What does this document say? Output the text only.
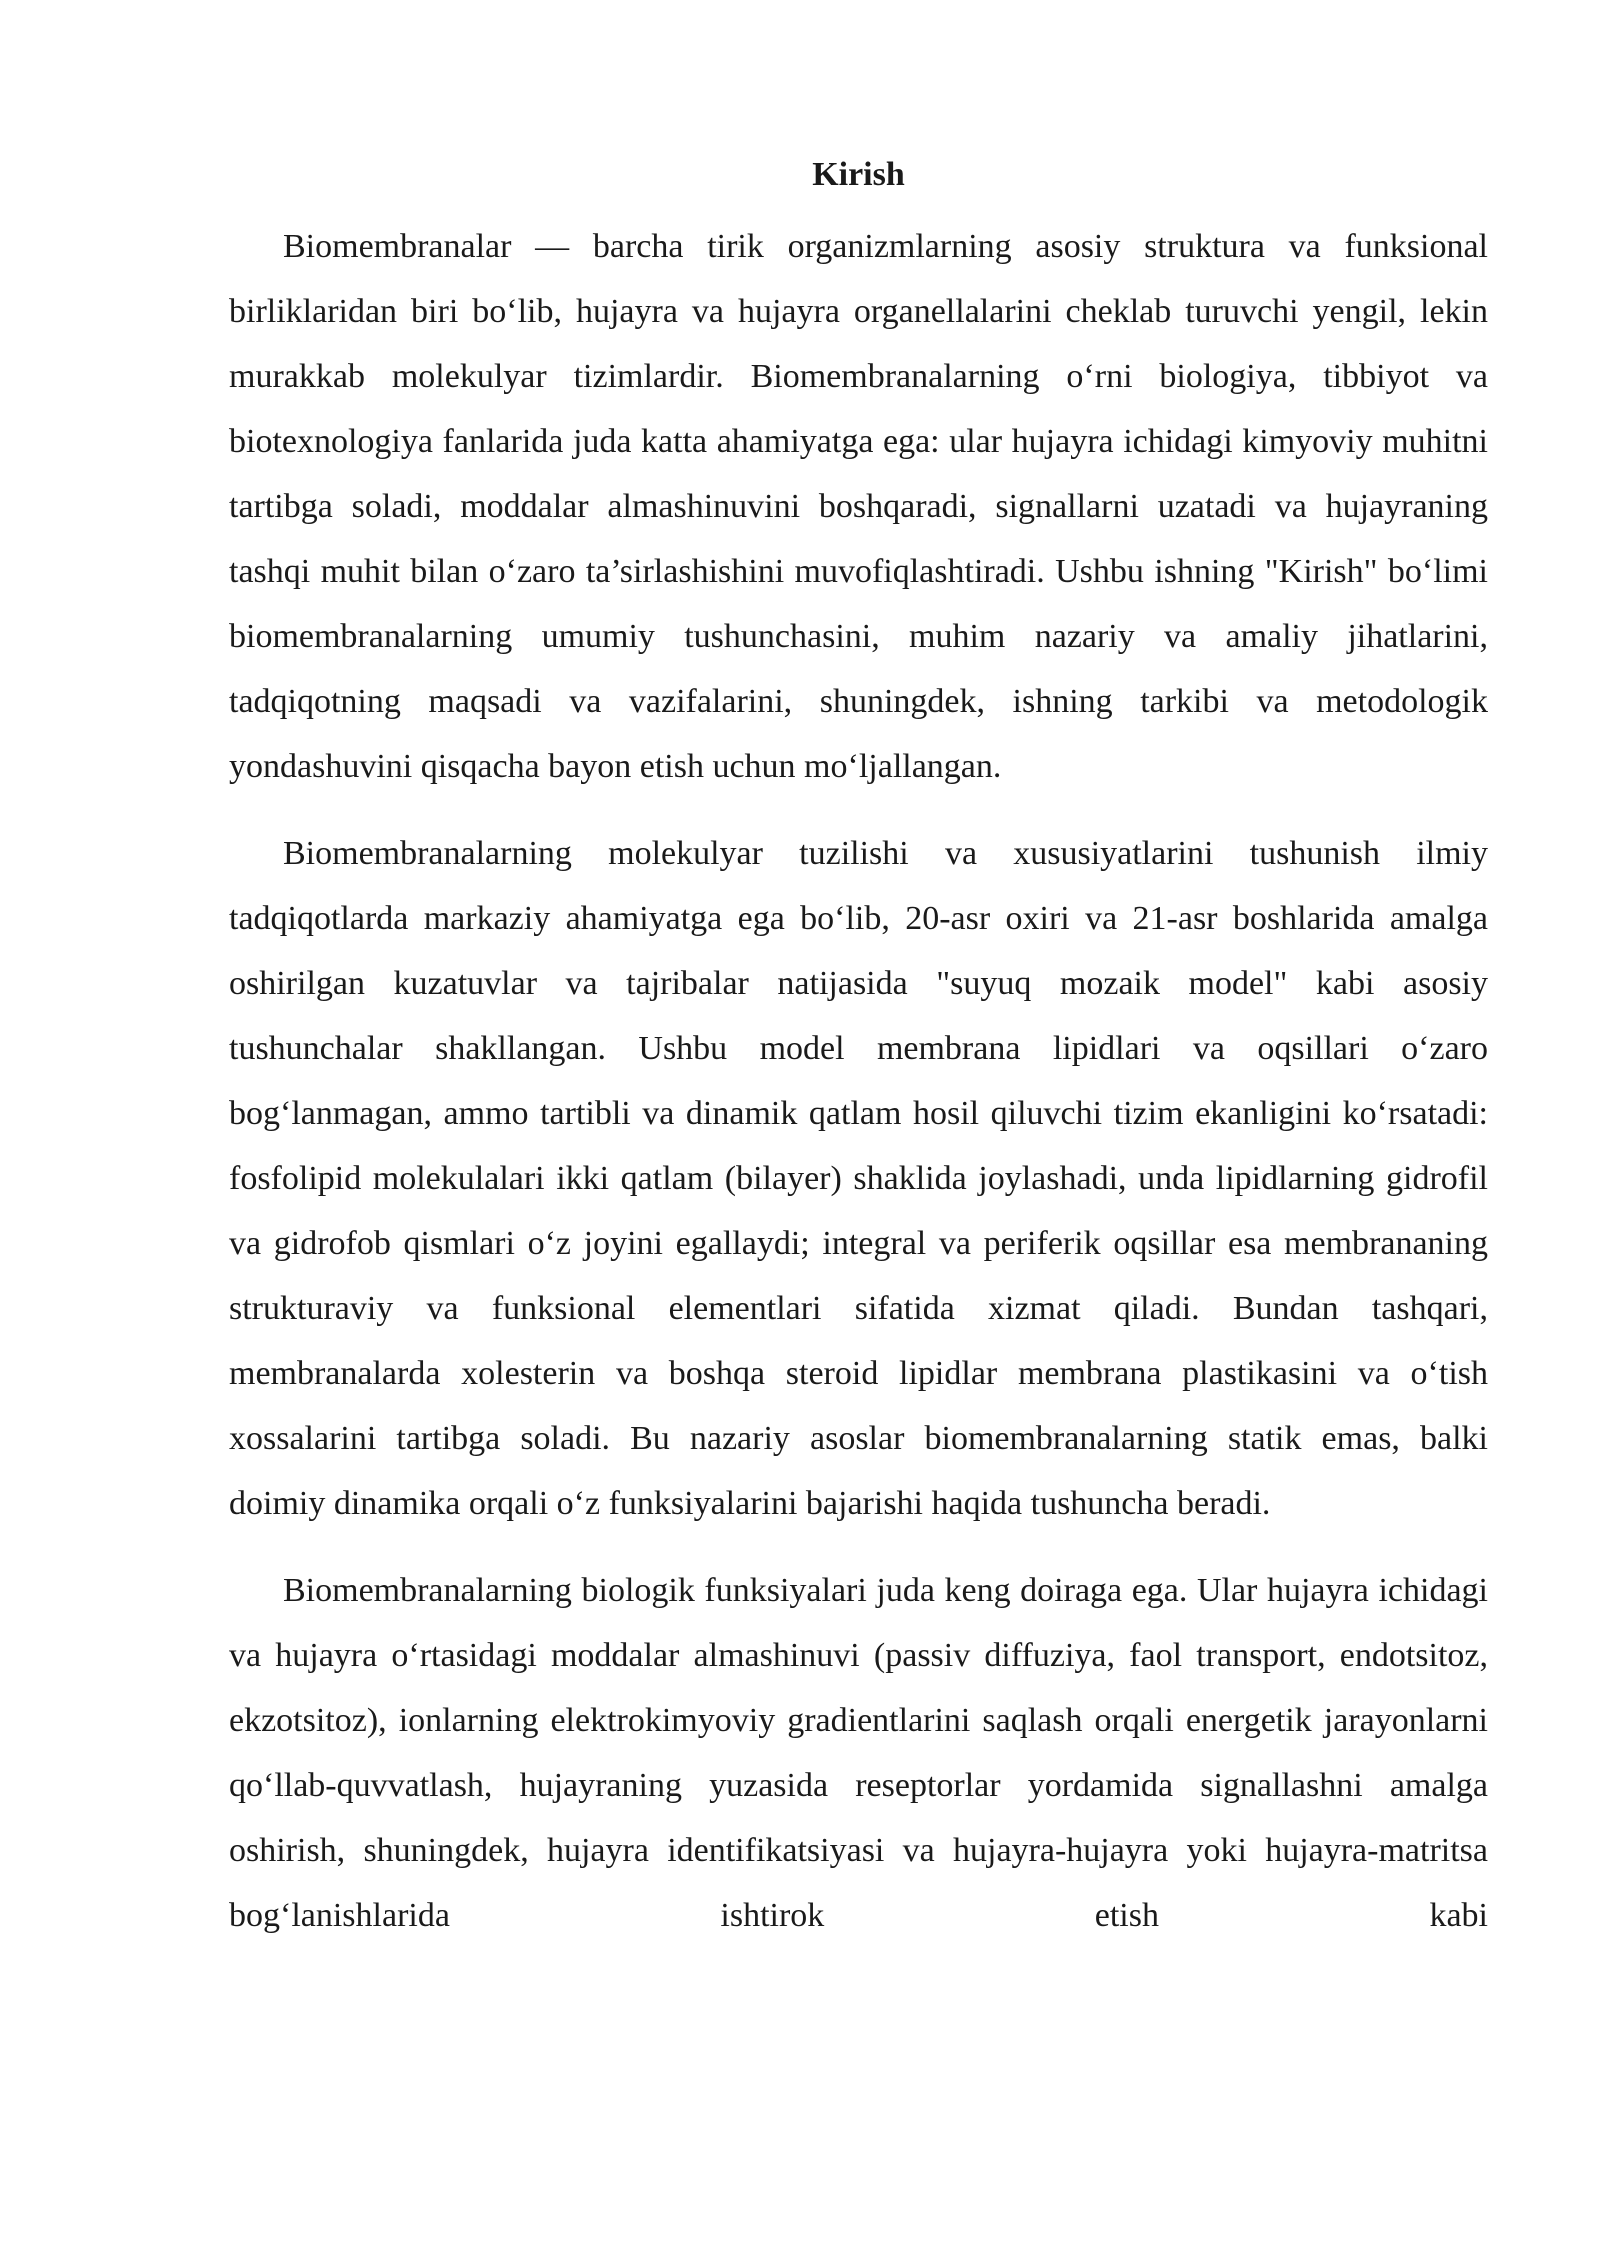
Kirish

Biomembranalar — barcha tirik organizmlarning asosiy struktura va funksional birliklaridan biri bo‘lib, hujayra va hujayra organellalarini cheklab turuvchi yengil, lekin murakkab molekulyar tizimlardir. Biomembranalarning o‘rni biologiya, tibbiyot va biotexnologiya fanlarida juda katta ahamiyatga ega: ular hujayra ichidagi kimyoviy muhitni tartibga soladi, moddalar almashinuvini boshqaradi, signallarni uzatadi va hujayraning tashqi muhit bilan o‘zaro ta’sirlashishini muvofiqlashtiradi. Ushbu ishning "Kirish" bo‘limi biomembranalarning umumiy tushunchasini, muhim nazariy va amaliy jihatlarini, tadqiqotning maqsadi va vazifalarini, shuningdek, ishning tarkibi va metodologik yondashuvini qisqacha bayon etish uchun mo‘ljallangan.

Biomembranalarning molekulyar tuzilishi va xususiyatlarini tushunish ilmiy tadqiqotlarda markaziy ahamiyatga ega bo‘lib, 20-asr oxiri va 21-asr boshlarida amalga oshirilgan kuzatuvlar va tajribalar natijasida "suyuq mozaik model" kabi asosiy tushunchalar shakllangan. Ushbu model membrana lipidlari va oqsillari o‘zaro bog‘lanmagan, ammo tartibli va dinamik qatlam hosil qiluvchi tizim ekanligini ko‘rsatadi: fosfolipid molekulalari ikki qatlam (bilayer) shaklida joylashadi, unda lipidlarning gidrofil va gidrofob qismlari o‘z joyini egallaydi; integral va periferik oqsillar esa membrananing strukturaviy va funksional elementlari sifatida xizmat qiladi. Bundan tashqari, membranalarda xolesterin va boshqa steroid lipidlar membrana plastikasini va o‘tish xossalarini tartibga soladi. Bu nazariy asoslar biomembranalarning statik emas, balki doimiy dinamika orqali o‘z funksiyalarini bajarishi haqida tushuncha beradi.

Biomembranalarning biologik funksiyalari juda keng doiraga ega. Ular hujayra ichidagi va hujayra o‘rtasidagi moddalar almashinuvi (passiv diffuziya, faol transport, endotsitoz, ekzotsitoz), ionlarning elektrokimyoviy gradientlarini saqlash orqali energetik jarayonlarni qo‘llab-quvvatlash, hujayraning yuzasida reseptorlar yordamida signallashni amalga oshirish, shuningdek, hujayra identifikatsiyasi va hujayra-hujayra yoki hujayra-matritsa bog‘lanishlarida ishtirok etish kabi
